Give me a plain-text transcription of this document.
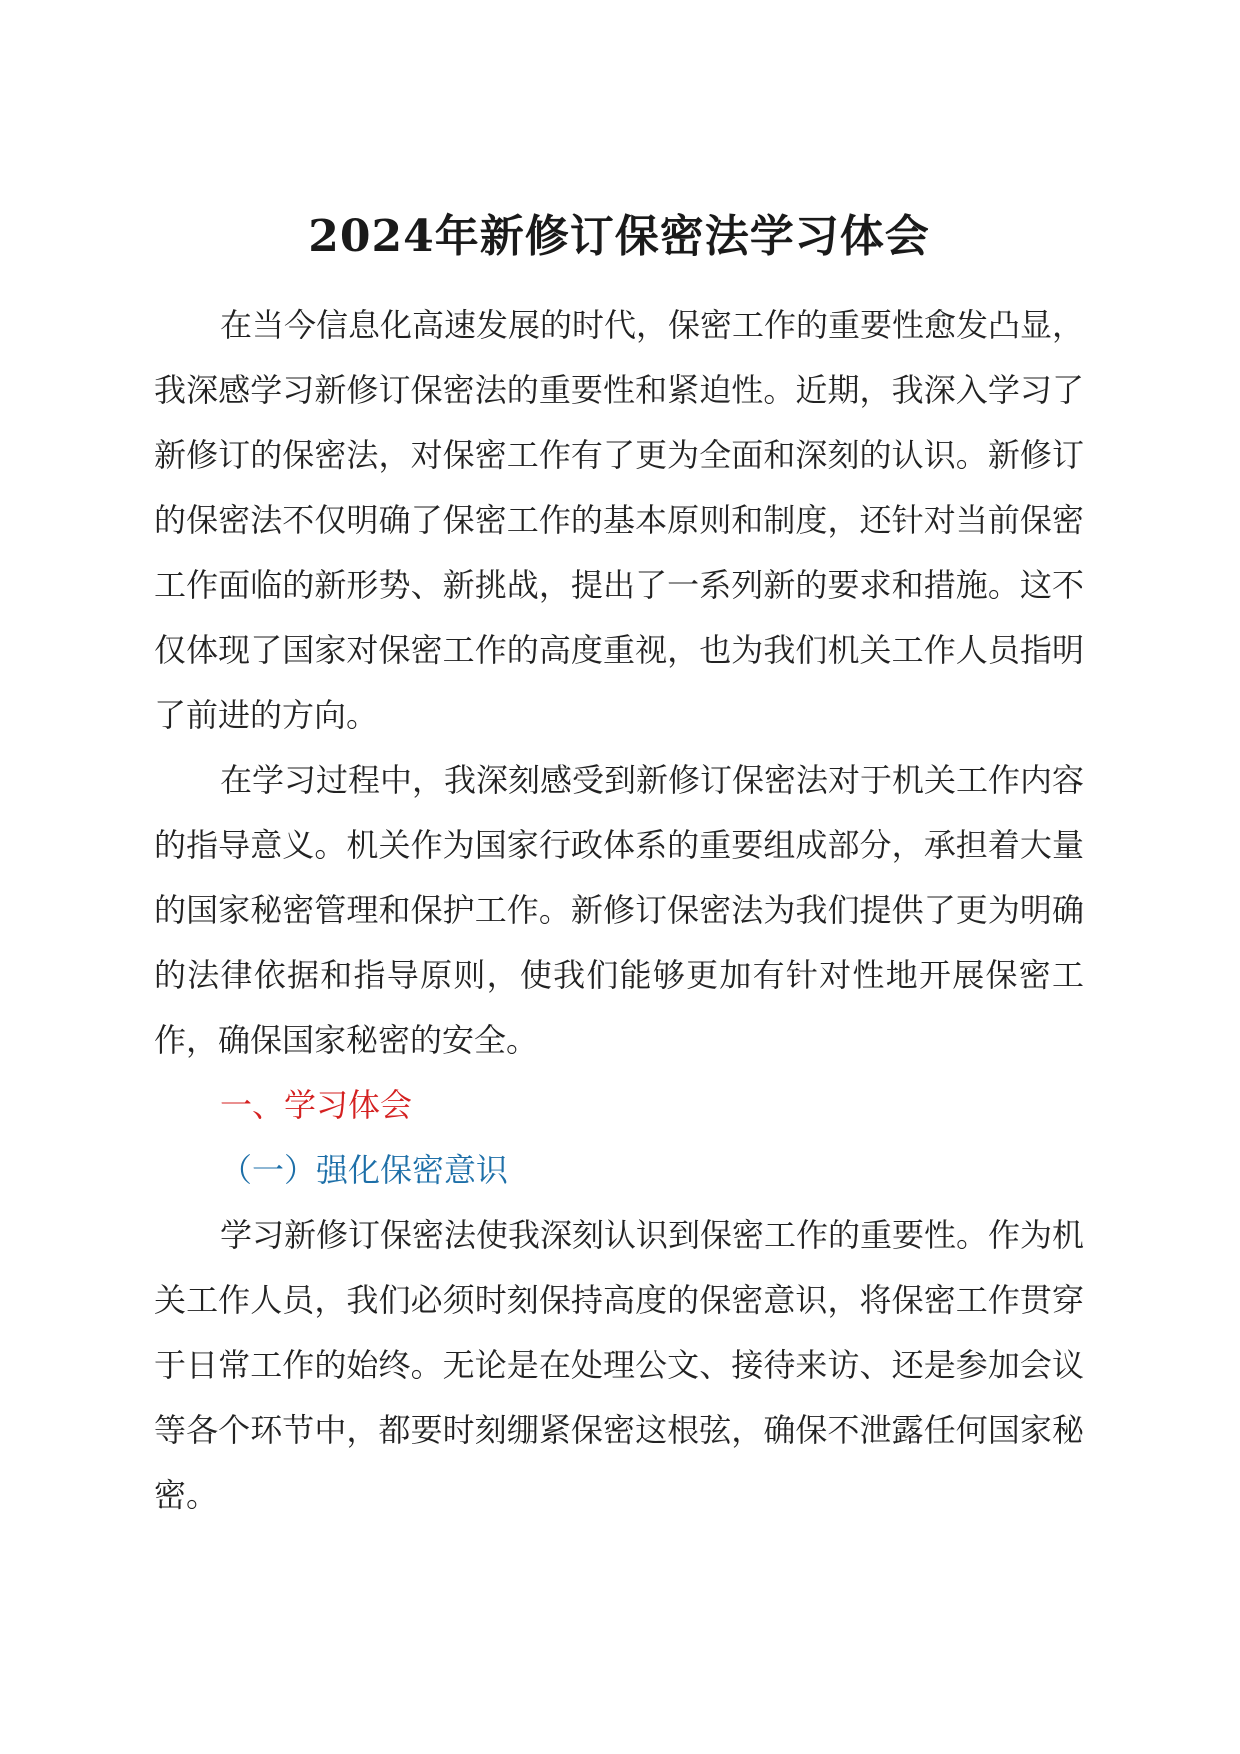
2024年新修订保密法学习体会

在当今信息化高速发展的时代，保密工作的重要性愈发凸显，我深感学习新修订保密法的重要性和紧迫性。近期，我深入学习了新修订的保密法，对保密工作有了更为全面和深刻的认识。新修订的保密法不仅明确了保密工作的基本原则和制度，还针对当前保密工作面临的新形势、新挑战，提出了一系列新的要求和措施。这不仅体现了国家对保密工作的高度重视，也为我们机关工作人员指明了前进的方向。

在学习过程中，我深刻感受到新修订保密法对于机关工作内容的指导意义。机关作为国家行政体系的重要组成部分，承担着大量的国家秘密管理和保护工作。新修订保密法为我们提供了更为明确的法律依据和指导原则，使我们能够更加有针对性地开展保密工作，确保国家秘密的安全。

一、学习体会

（一）强化保密意识

学习新修订保密法使我深刻认识到保密工作的重要性。作为机关工作人员，我们必须时刻保持高度的保密意识，将保密工作贯穿于日常工作的始终。无论是在处理公文、接待来访、还是参加会议等各个环节中，都要时刻绷紧保密这根弦，确保不泄露任何国家秘密。
